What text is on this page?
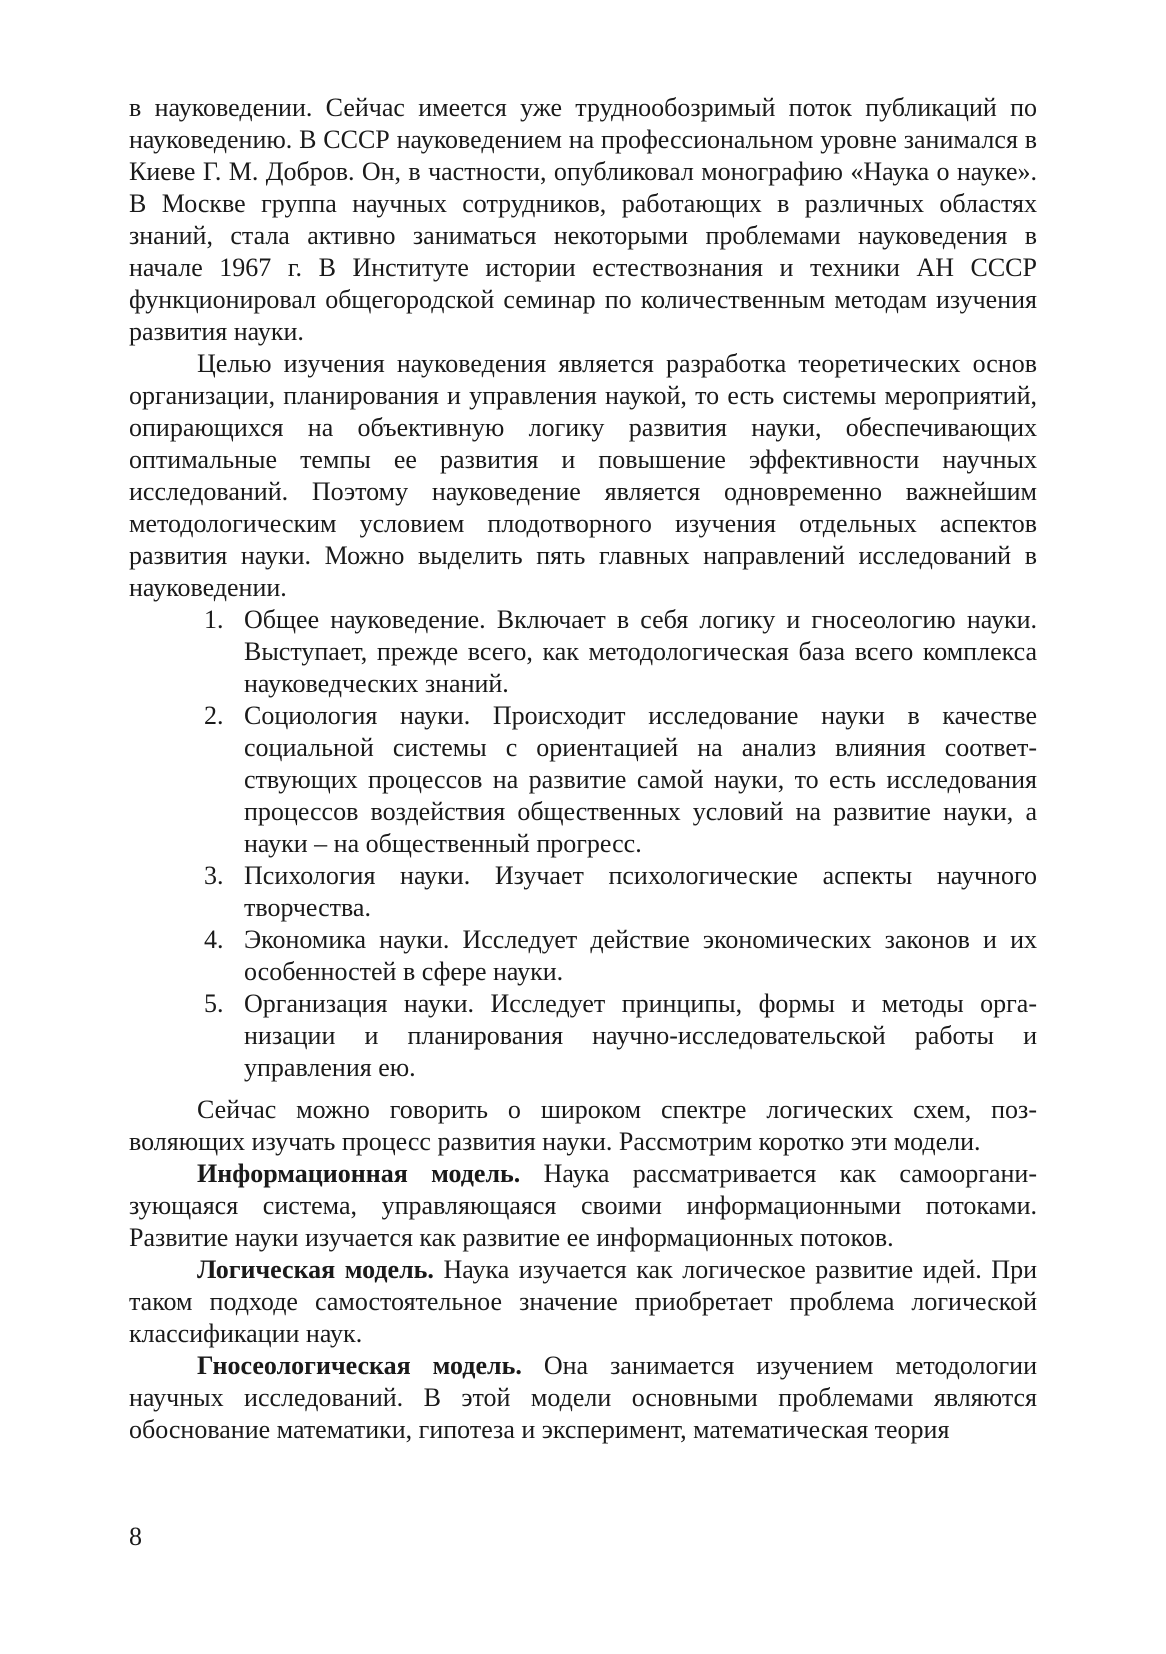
в науковедении. Сейчас имеется уже труднообозримый поток публикаций по науковедению. В СССР науковедением на профессиональном уровне занимался в Киеве Г. М. Добров. Он, в частности, опубликовал монографию «Наука о науке». В Москве группа научных сотрудников, работающих в различных областях знаний, стала активно заниматься некоторыми проблемами науковедения в начале 1967 г. В Институте истории естествознания и техники АН СССР функционировал общегородской семинар по количественным методам изучения развития науки.

Целью изучения науковедения является разработка теоретических основ организации, планирования и управления наукой, то есть системы мероприятий, опирающихся на объективную логику развития науки, обеспечивающих оптимальные темпы ее развития и повышение эффективности научных исследований. Поэтому науковедение является одновременно важнейшим методологическим условием плодотворного изучения отдельных аспектов развития науки. Можно выделить пять главных направлений исследований в науковедении.

1. Общее науковедение. Включает в себя логику и гносеологию науки. Выступает, прежде всего, как методологическая база всего комплекса науковедческих знаний.
2. Социология науки. Происходит исследование науки в качестве социальной системы с ориентацией на анализ влияния соответствующих процессов на развитие самой науки, то есть исследования процессов воздействия общественных условий на развитие науки, а науки – на общественный прогресс.
3. Психология науки. Изучает психологические аспекты научного творчества.
4. Экономика науки. Исследует действие экономических законов и их особенностей в сфере науки.
5. Организация науки. Исследует принципы, формы и методы организации и планирования научно-исследовательской работы и управления ею.

Сейчас можно говорить о широком спектре логических схем, позволяющих изучать процесс развития науки. Рассмотрим коротко эти модели.

Информационная модель. Наука рассматривается как самоорганизующаяся система, управляющаяся своими информационными потоками. Развитие науки изучается как развитие ее информационных потоков.

Логическая модель. Наука изучается как логическое развитие идей. При таком подходе самостоятельное значение приобретает проблема логической классификации наук.

Гносеологическая модель. Она занимается изучением методологии научных исследований. В этой модели основными проблемами являются обоснование математики, гипотеза и эксперимент, математическая теория

8
